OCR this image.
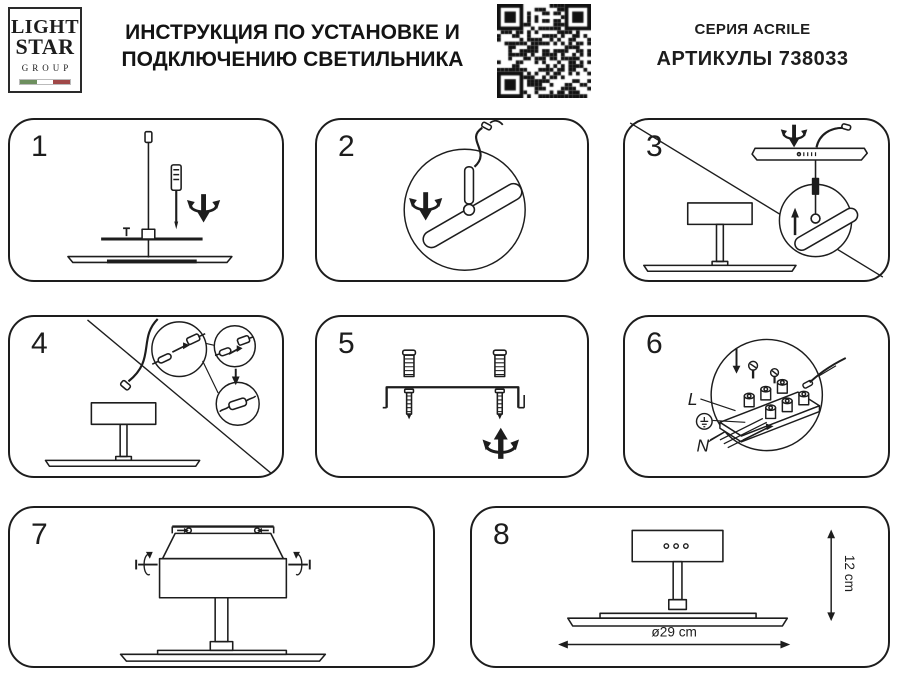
LIGHT
STAR
GROUP
ИНСТРУКЦИЯ ПО УСТАНОВКЕ И
ПОДКЛЮЧЕНИЮ СВЕТИЛЬНИКА
СЕРИЯ ACRILE
АРТИКУЛЫ 738033
1	2	3
4	5	6
L
N
7	8
12 cm
ø29 cm
